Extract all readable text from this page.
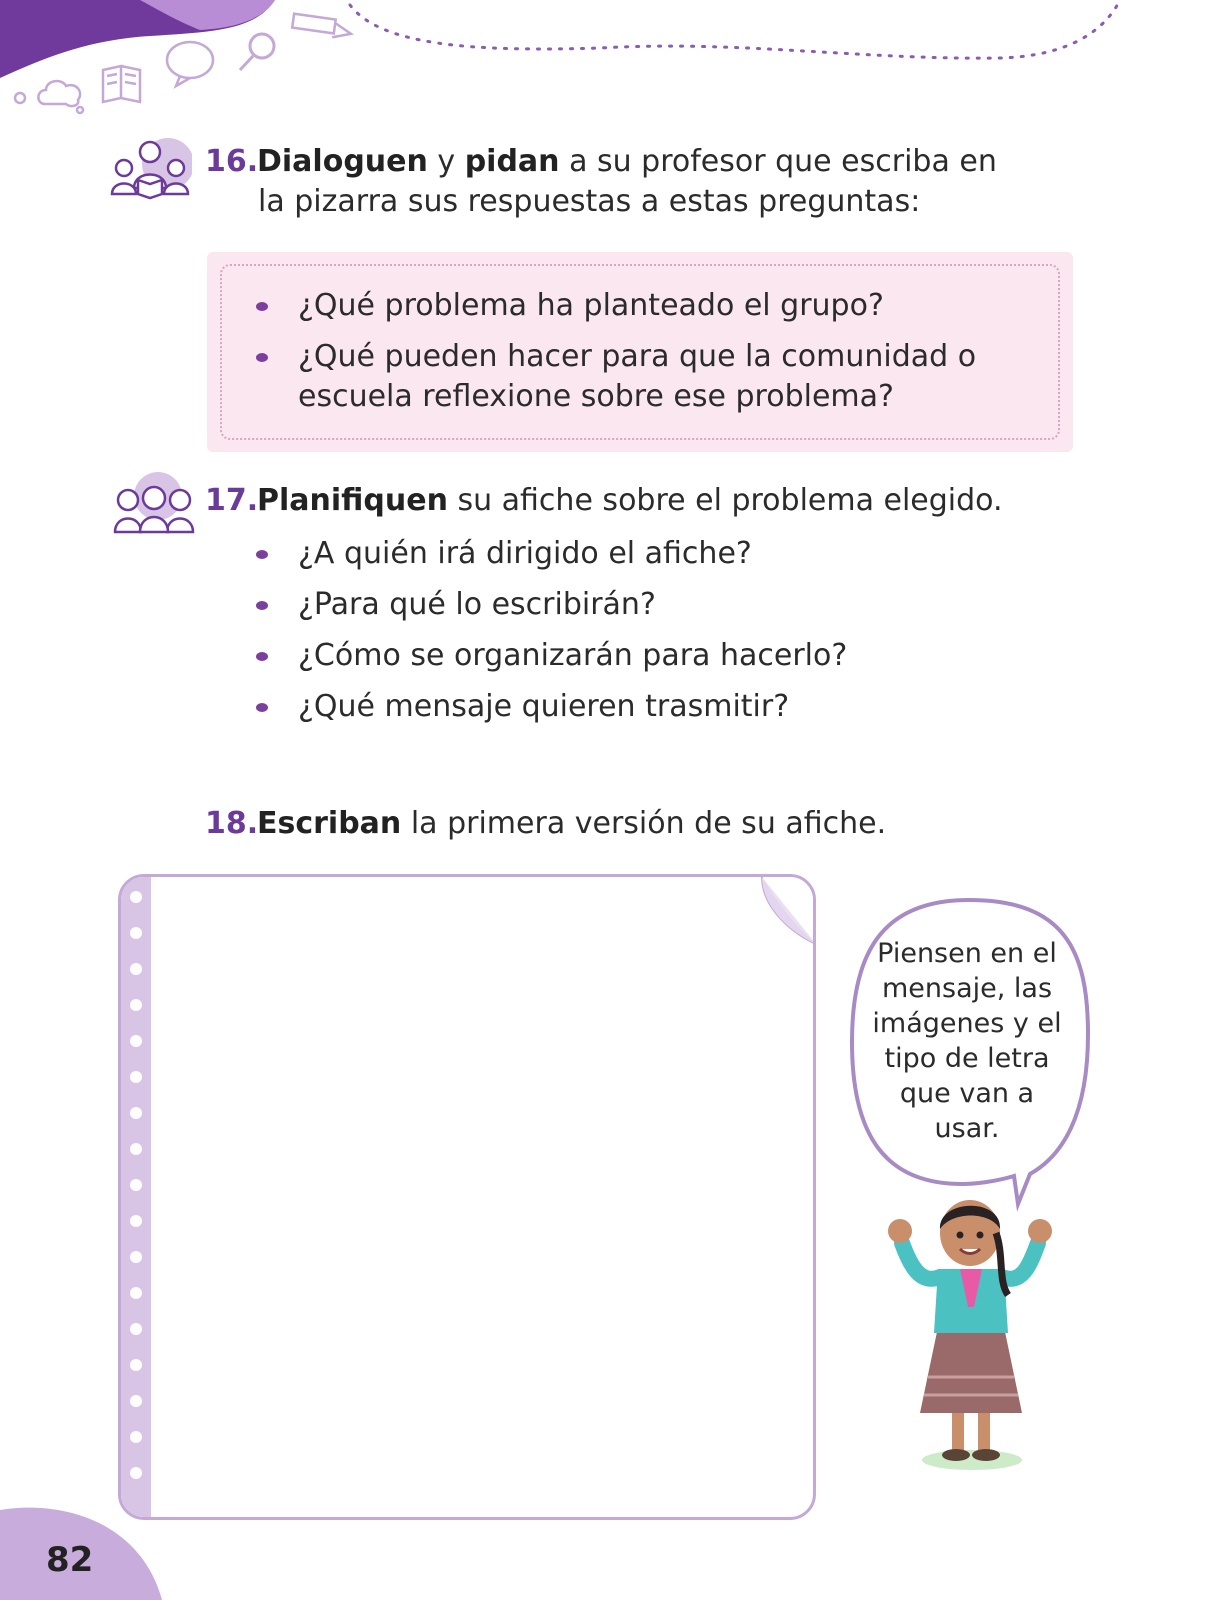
16.Dialoguen y pidan a su profesor que escriba en
la pizarra sus respuestas a estas preguntas:
¿Qué problema ha planteado el grupo?
¿Qué pueden hacer para que la comunidad o
escuela reflexione sobre ese problema?
17.Planifiquen su afiche sobre el problema elegido.
¿A quién irá dirigido el afiche?
¿Para qué lo escribirán?
¿Cómo se organizarán para hacerlo?
¿Qué mensaje quieren trasmitir?
18.Escriban la primera versión de su afiche.
Piensen en el
mensaje, las
imágenes y el
tipo de letra
que van a
usar.
82
